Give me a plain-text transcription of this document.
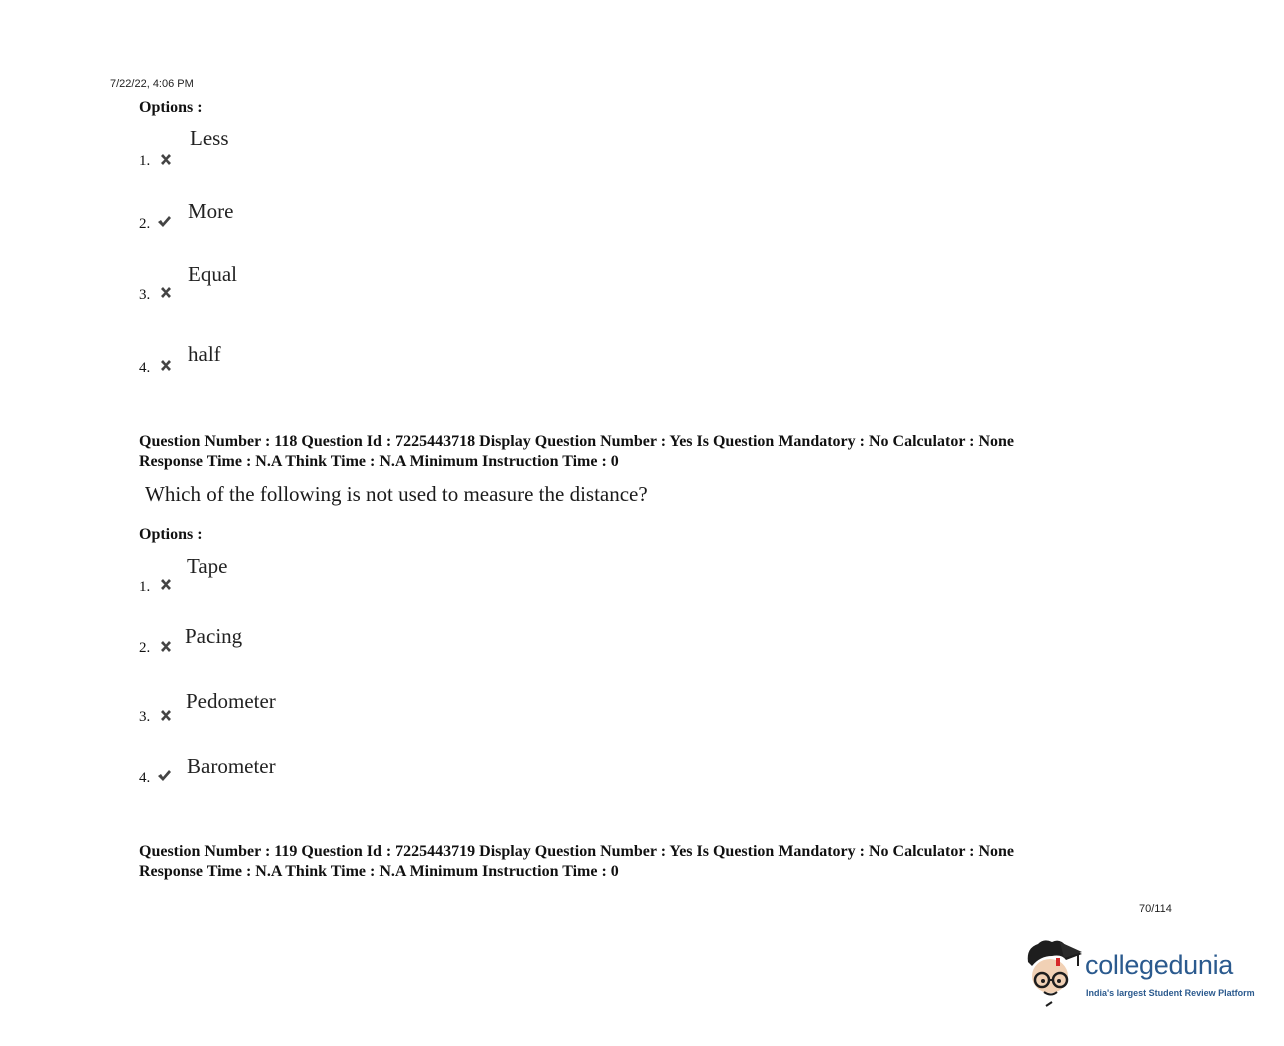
7/22/22, 4:06 PM
Options :
1.
Less
2.
More
3.
Equal
4.
half
Question Number : 118 Question Id : 7225443718 Display Question Number : Yes Is Question Mandatory : No Calculator : None
Response Time : N.A Think Time : N.A Minimum Instruction Time : 0
Which of the following is not used to measure the distance?
Options :
1.
Tape
2. Pacing
3.
Pedometer
4. Barometer
Question Number : 119 Question Id : 7225443719 Display Question Number : Yes Is Question Mandatory : No Calculator : None
Response Time : N.A Think Time : N.A Minimum Instruction Time : 0
70/114
collegedunia
India's largest Student Review Platform
